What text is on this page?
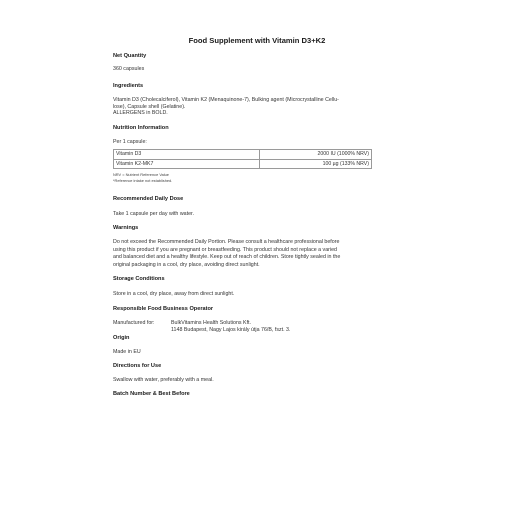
Food Supplement with Vitamin D3+K2
Net Quantity
360 capsules
Ingredients
Vitamin D3 (Cholecalciferol), Vitamin K2 (Menaquinone-7), Bulking agent (Microcrystalline Cellu-
lose), Capsule shell (Gelatine).
ALLERGENS in BOLD.
Nutrition Information
Per 1 capsule:
Vitamin D3	2000 IU (1000% NRV)
Vitamin K2-MK7	100 µg (133% NRV)
NRV = Nutrient Reference Value
*Reference intake not established.
Recommended Daily Dose
Take 1 capsule per day with water.
Warnings
Do not exceed the Recommended Daily Portion. Please consult a healthcare professional before
using this product if you are pregnant or breastfeeding. This product should not replace a varied
and balanced diet and a healthy lifestyle. Keep out of reach of children. Store tightly sealed in the
original packaging in a cool, dry place, avoiding direct sunlight.
Storage Conditions
Store in a cool, dry place, away from direct sunlight.
Responsible Food Business Operator
Manufactured for:	BulkVitamins Health Solutions Kft.
1148 Budapest, Nagy Lajos király útja 76/B, fszt. 3.
Origin
Made in EU
Directions for Use
Swallow with water, preferably with a meal.
Batch Number & Best Before
